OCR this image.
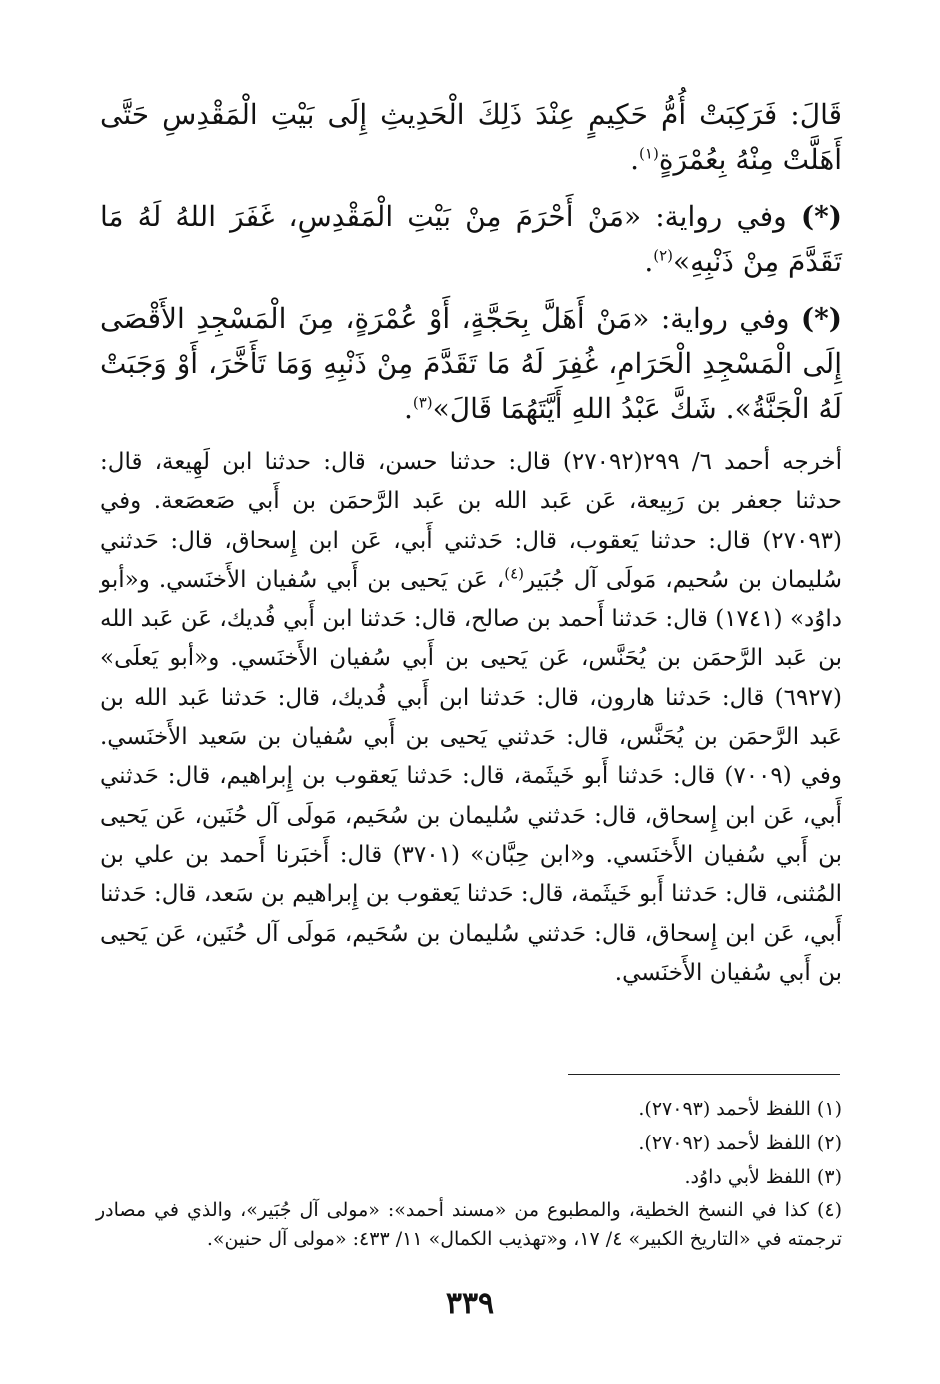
قَالَ: فَرَكِبَتْ أُمُّ حَكِيمٍ عِنْدَ ذَلِكَ الْحَدِيثِ إِلَى بَيْتِ الْمَقْدِسِ حَتَّى أَهَلَّتْ مِنْهُ بِعُمْرَةٍ$^{(١)}$.

(*) وفي رواية: «مَنْ أَحْرَمَ مِنْ بَيْتِ الْمَقْدِسِ، غَفَرَ اللهُ لَهُ مَا تَقَدَّمَ مِنْ ذَنْبِهِ»$^{(٢)}$.

(*) وفي رواية: «مَنْ أَهَلَّ بِحَجَّةٍ، أَوْ عُمْرَةٍ، مِنَ الْمَسْجِدِ الأَقْصَى إِلَى الْمَسْجِدِ الْحَرَامِ، غُفِرَ لَهُ مَا تَقَدَّمَ مِنْ ذَنْبِهِ وَمَا تَأَخَّرَ، أَوْ وَجَبَتْ لَهُ الْجَنَّةُ». شَكَّ عَبْدُ اللهِ أَيَّتَهُمَا قَالَ»$^{(٣)}$.

أخرجه أحمد ٦/ ٢٩٩(٢٧٠٩٢) قال: حدثنا حسن، قال: حدثنا ابن لَهِيعة، قال: حدثنا جعفر بن رَبِيعة، عَن عَبد الله بن عَبد الرَّحمَن بن أَبي صَعصَعة. وفي (٢٧٠٩٣) قال: حدثنا يَعقوب، قال: حَدثني أَبي، عَن ابن إِسحاق، قال: حَدثني سُليمان بن سُحيم، مَولَى آل جُبَير$^{(٤)}$، عَن يَحيى بن أَبي سُفيان الأَخنَسي. و«أبو داوُد» (١٧٤١) قال: حَدثنا أَحمد بن صالح، قال: حَدثنا ابن أَبي فُديك، عَن عَبد الله بن عَبد الرَّحمَن بن يُحَنَّس، عَن يَحيى بن أَبي سُفيان الأَخنَسي. و«أبو يَعلَى» (٦٩٢٧) قال: حَدثنا هارون، قال: حَدثنا ابن أَبي فُديك، قال: حَدثنا عَبد الله بن عَبد الرَّحمَن بن يُحَنَّس، قال: حَدثني يَحيى بن أَبي سُفيان بن سَعيد الأَخنَسي. وفي (٧٠٠٩) قال: حَدثنا أَبو خَيثَمة، قال: حَدثنا يَعقوب بن إِبراهيم، قال: حَدثني أَبي، عَن ابن إِسحاق، قال: حَدثني سُليمان بن سُحَيم، مَولَى آل حُنَين، عَن يَحيى بن أَبي سُفيان الأَخنَسي. و«ابن حِبَّان» (٣٧٠١) قال: أَخبَرنا أَحمد بن علي بن المُثنى، قال: حَدثنا أَبو خَيثَمة، قال: حَدثنا يَعقوب بن إِبراهيم بن سَعد، قال: حَدثنا أَبي، عَن ابن إِسحاق، قال: حَدثني سُليمان بن سُحَيم، مَولَى آل حُنَين، عَن يَحيى بن أَبي سُفيان الأَخنَسي.

(١) اللفظ لأحمد (٢٧٠٩٣).
(٢) اللفظ لأحمد (٢٧٠٩٢).
(٣) اللفظ لأبي داوُد.
(٤) كذا في النسخ الخطية، والمطبوع من «مسند أحمد»: «مولى آل جُبَير»، والذي في مصادر ترجمته في «التاريخ الكبير» ٤/ ١٧، و«تهذيب الكمال» ١١/ ٤٣٣: «مولى آل حنين».
٣٣٩
